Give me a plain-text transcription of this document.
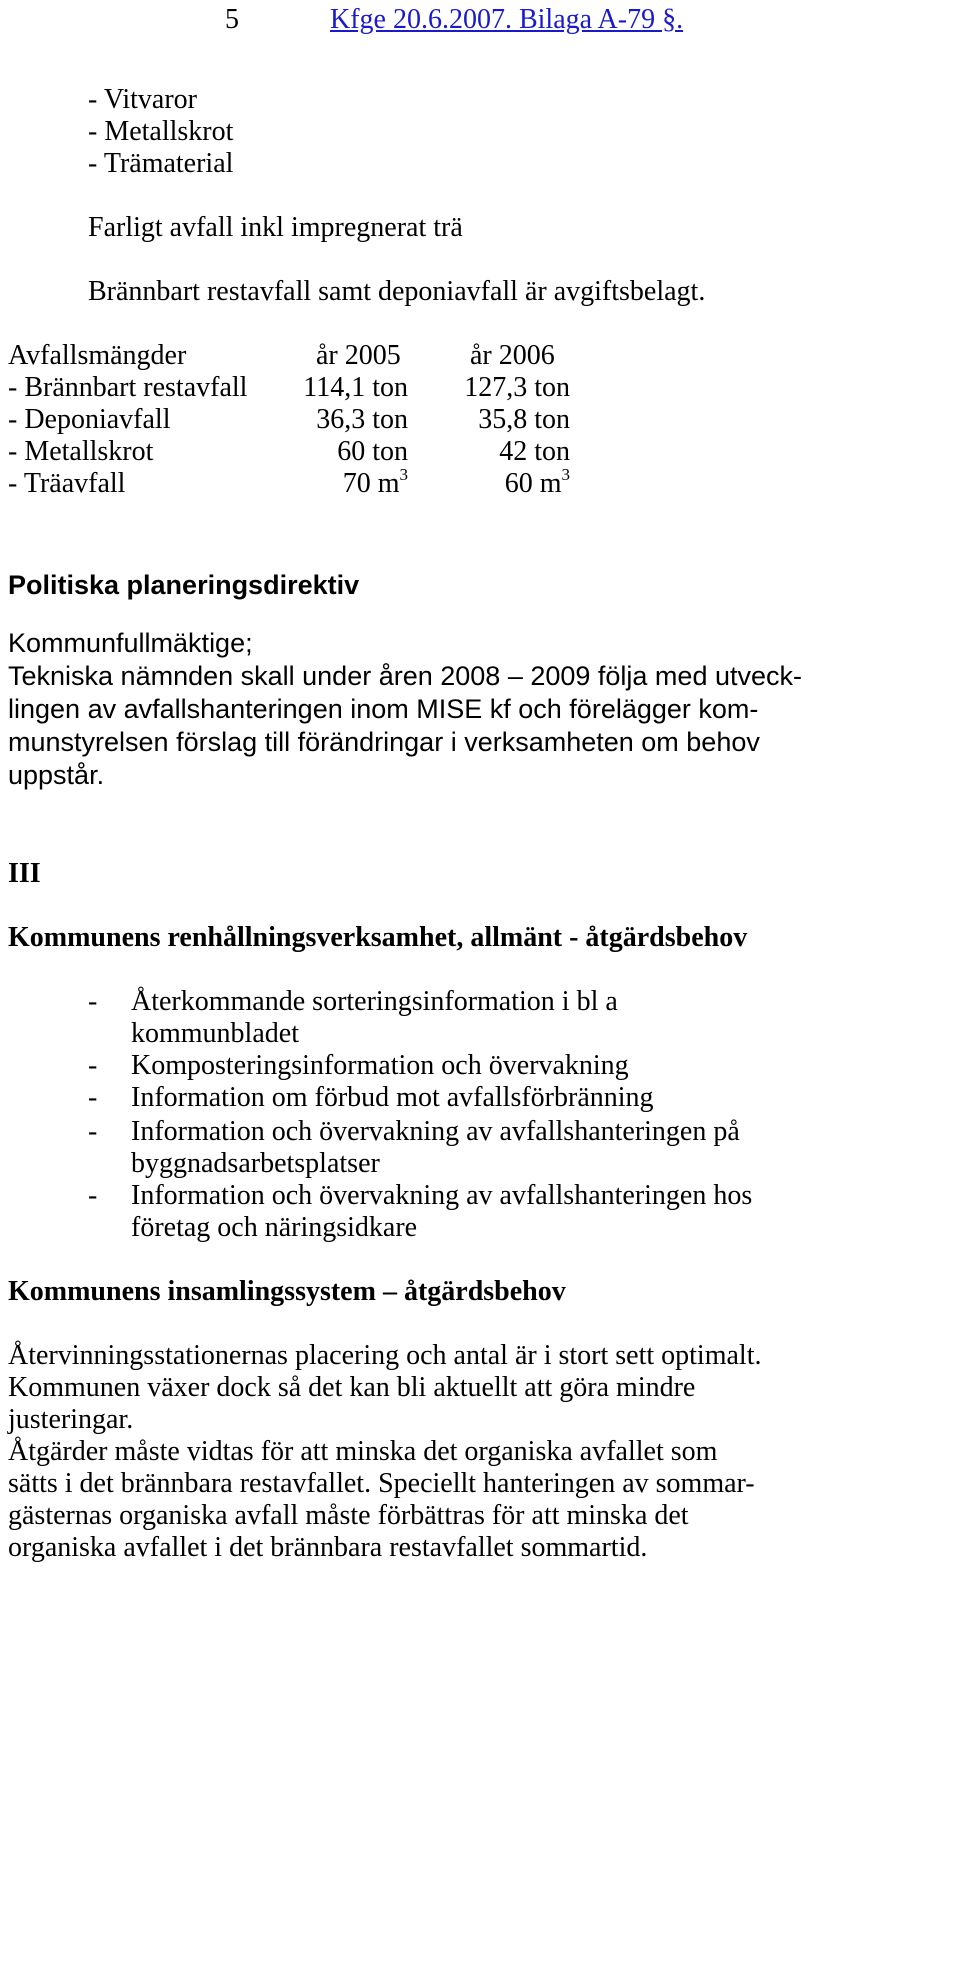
5	Kfge 20.6.2007. Bilaga A-79 §.
- Vitvaror
- Metallskrot
- Trämaterial
Farligt avfall inkl impregnerat trä
Brännbart restavfall samt deponiavfall är avgiftsbelagt.
Avfallsmängder	år 2005 år 2006
- Brännbart restavfall 114,1 ton 127,3 ton
- Deponiavfall	36,3 ton	35,8 ton
- Metallskrot	60 ton	42 ton
- Träavfall	70 $m^3$	60 $m^3$
Politiska planeringsdirektiv
Kommunfullmäktige;
Tekniska nämnden skall under åren 2008 – 2009 följa med utveck-
lingen av avfallshanteringen inom MISE kf och förelägger kom-
munstyrelsen förslag till förändringar i verksamheten om behov
uppstår.
III
Kommunens renhållningsverksamhet, allmänt - åtgärdsbehov
- Återkommande sorteringsinformation i bl a
kommunbladet
- Komposteringsinformation och övervakning
- Information om förbud mot avfallsförbränning
- Information och övervakning av avfallshanteringen på
byggnadsarbetsplatser
- Information och övervakning av avfallshanteringen hos
företag och näringsidkare
Kommunens insamlingssystem – åtgärdsbehov
Återvinningsstationernas placering och antal är i stort sett optimalt.
Kommunen växer dock så det kan bli aktuellt att göra mindre
justeringar.
Åtgärder måste vidtas för att minska det organiska avfallet som
sätts i det brännbara restavfallet. Speciellt hanteringen av sommar-
gästernas organiska avfall måste förbättras för att minska det
organiska avfallet i det brännbara restavfallet sommartid.
